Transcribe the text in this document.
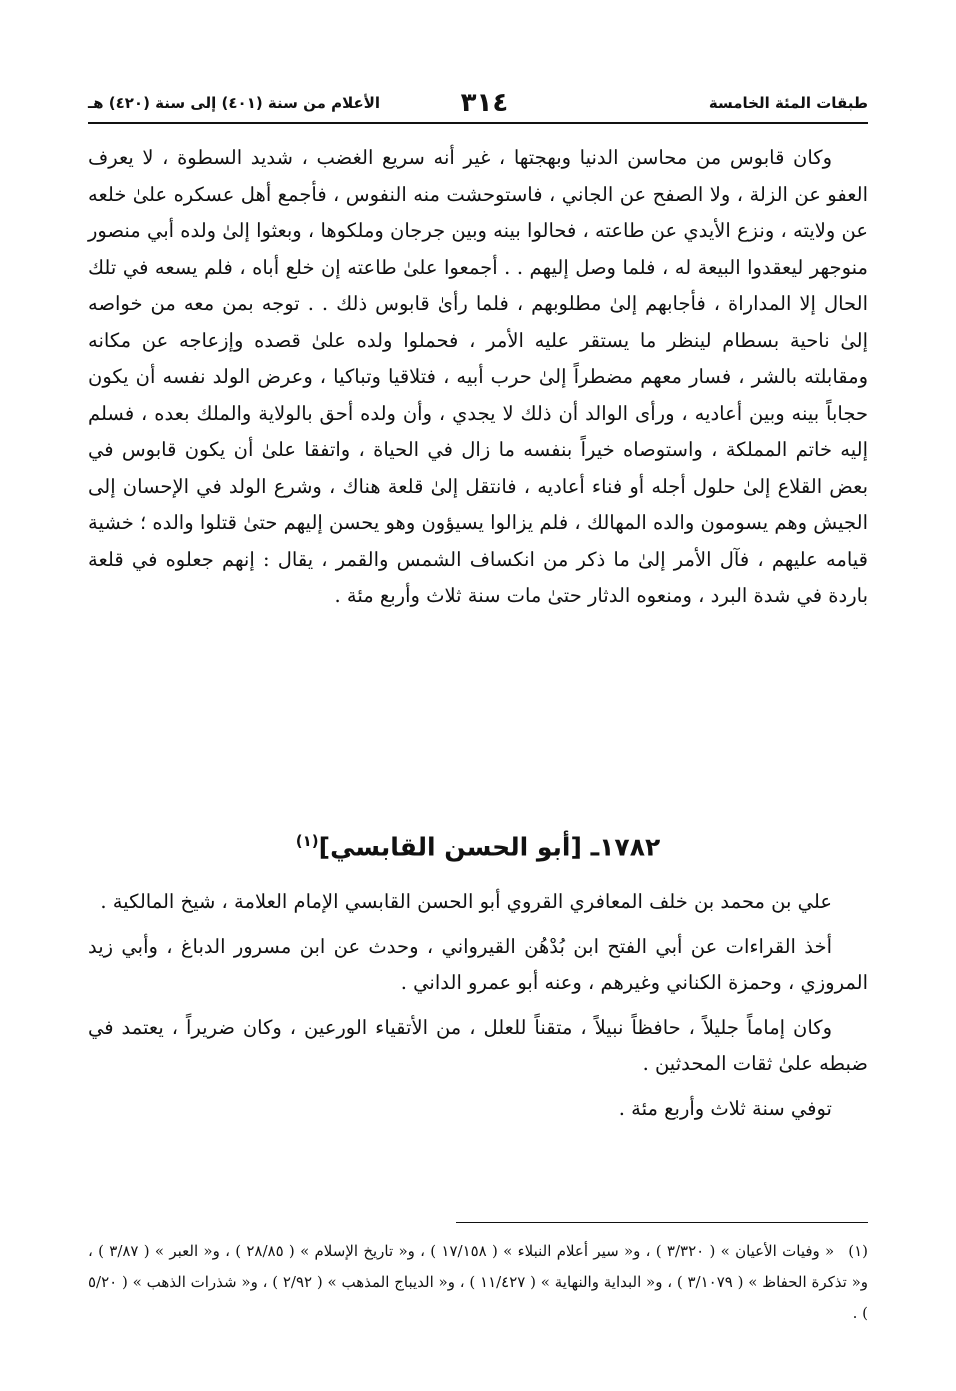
طبقات المئة الخامسة
٣١٤
الأعلام من سنة (٤٠١) إلى سنة (٤٢٠) هـ

وكان قابوس من محاسن الدنيا وبهجتها ، غير أنه سريع الغضب ، شديد السطوة ، لا يعرف العفو عن الزلة ، ولا الصفح عن الجاني ، فاستوحشت منه النفوس ، فأجمع أهل عسكره علىٰ خلعه عن ولايته ، ونزع الأيدي عن طاعته ، فحالوا بينه وبين جرجان وملكوها ، وبعثوا إلىٰ ولده أبي منصور منوجهر ليعقدوا البيعة له ، فلما وصل إليهم . . أجمعوا علىٰ طاعته إن خلع أباه ، فلم يسعه في تلك الحال إلا المداراة ، فأجابهم إلىٰ مطلوبهم ، فلما رأىٰ قابوس ذلك . . توجه بمن معه من خواصه إلىٰ ناحية بسطام لينظر ما يستقر عليه الأمر ، فحملوا ولده علىٰ قصده وإزعاجه عن مكانه ومقابلته بالشر ، فسار معهم مضطراً إلىٰ حرب أبيه ، فتلاقيا وتباكيا ، وعرض الولد نفسه أن يكون حجاباً بينه وبين أعاديه ، ورأى الوالد أن ذلك لا يجدي ، وأن ولده أحق بالولاية والملك بعده ، فسلم إليه خاتم المملكة ، واستوصاه خيراً بنفسه ما زال في الحياة ، واتفقا علىٰ أن يكون قابوس في بعض القلاع إلىٰ حلول أجله أو فناء أعاديه ، فانتقل إلىٰ قلعة هناك ، وشرع الولد في الإحسان إلى الجيش وهم يسومون والده المهالك ، فلم يزالوا يسيؤون وهو يحسن إليهم حتىٰ قتلوا والده ؛ خشية قيامه عليهم ، فآل الأمر إلىٰ ما ذكر من انكساف الشمس والقمر ، يقال : إنهم جعلوه في قلعة باردة في شدة البرد ، ومنعوه الدثار حتىٰ مات سنة ثلاث وأربع مئة .

١٧٨٢ـ [أبو الحسن القابسي]$^{(١)}$

علي بن محمد بن خلف المعافري القروي أبو الحسن القابسي الإمام العلامة ، شيخ المالكية .

أخذ القراءات عن أبي الفتح ابن بُدْهُن القيرواني ، وحدث عن ابن مسرور الدباغ ، وأبي زيد المروزي ، وحمزة الكناني وغيرهم ، وعنه أبو عمرو الداني .

وكان إماماً جليلاً ، حافظاً نبيلاً ، متقناً للعلل ، من الأتقياء الورعين ، وكان ضريراً ، يعتمد في ضبطه علىٰ ثقات المحدثين .

توفي سنة ثلاث وأربع مئة .

(١)« وفيات الأعيان » ( ٣/٣٢٠ ) ، و« سير أعلام النبلاء » ( ١٧/١٥٨ ) ، و« تاريخ الإسلام » ( ٢٨/٨٥ ) ، و« العبر » ( ٣/٨٧ ) ، و« تذكرة الحفاظ » ( ٣/١٠٧٩ ) ، و« البداية والنهاية » ( ١١/٤٢٧ ) ، و« الديباج المذهب » ( ٢/٩٢ ) ، و« شذرات الذهب » ( ٥/٢٠ ) .
